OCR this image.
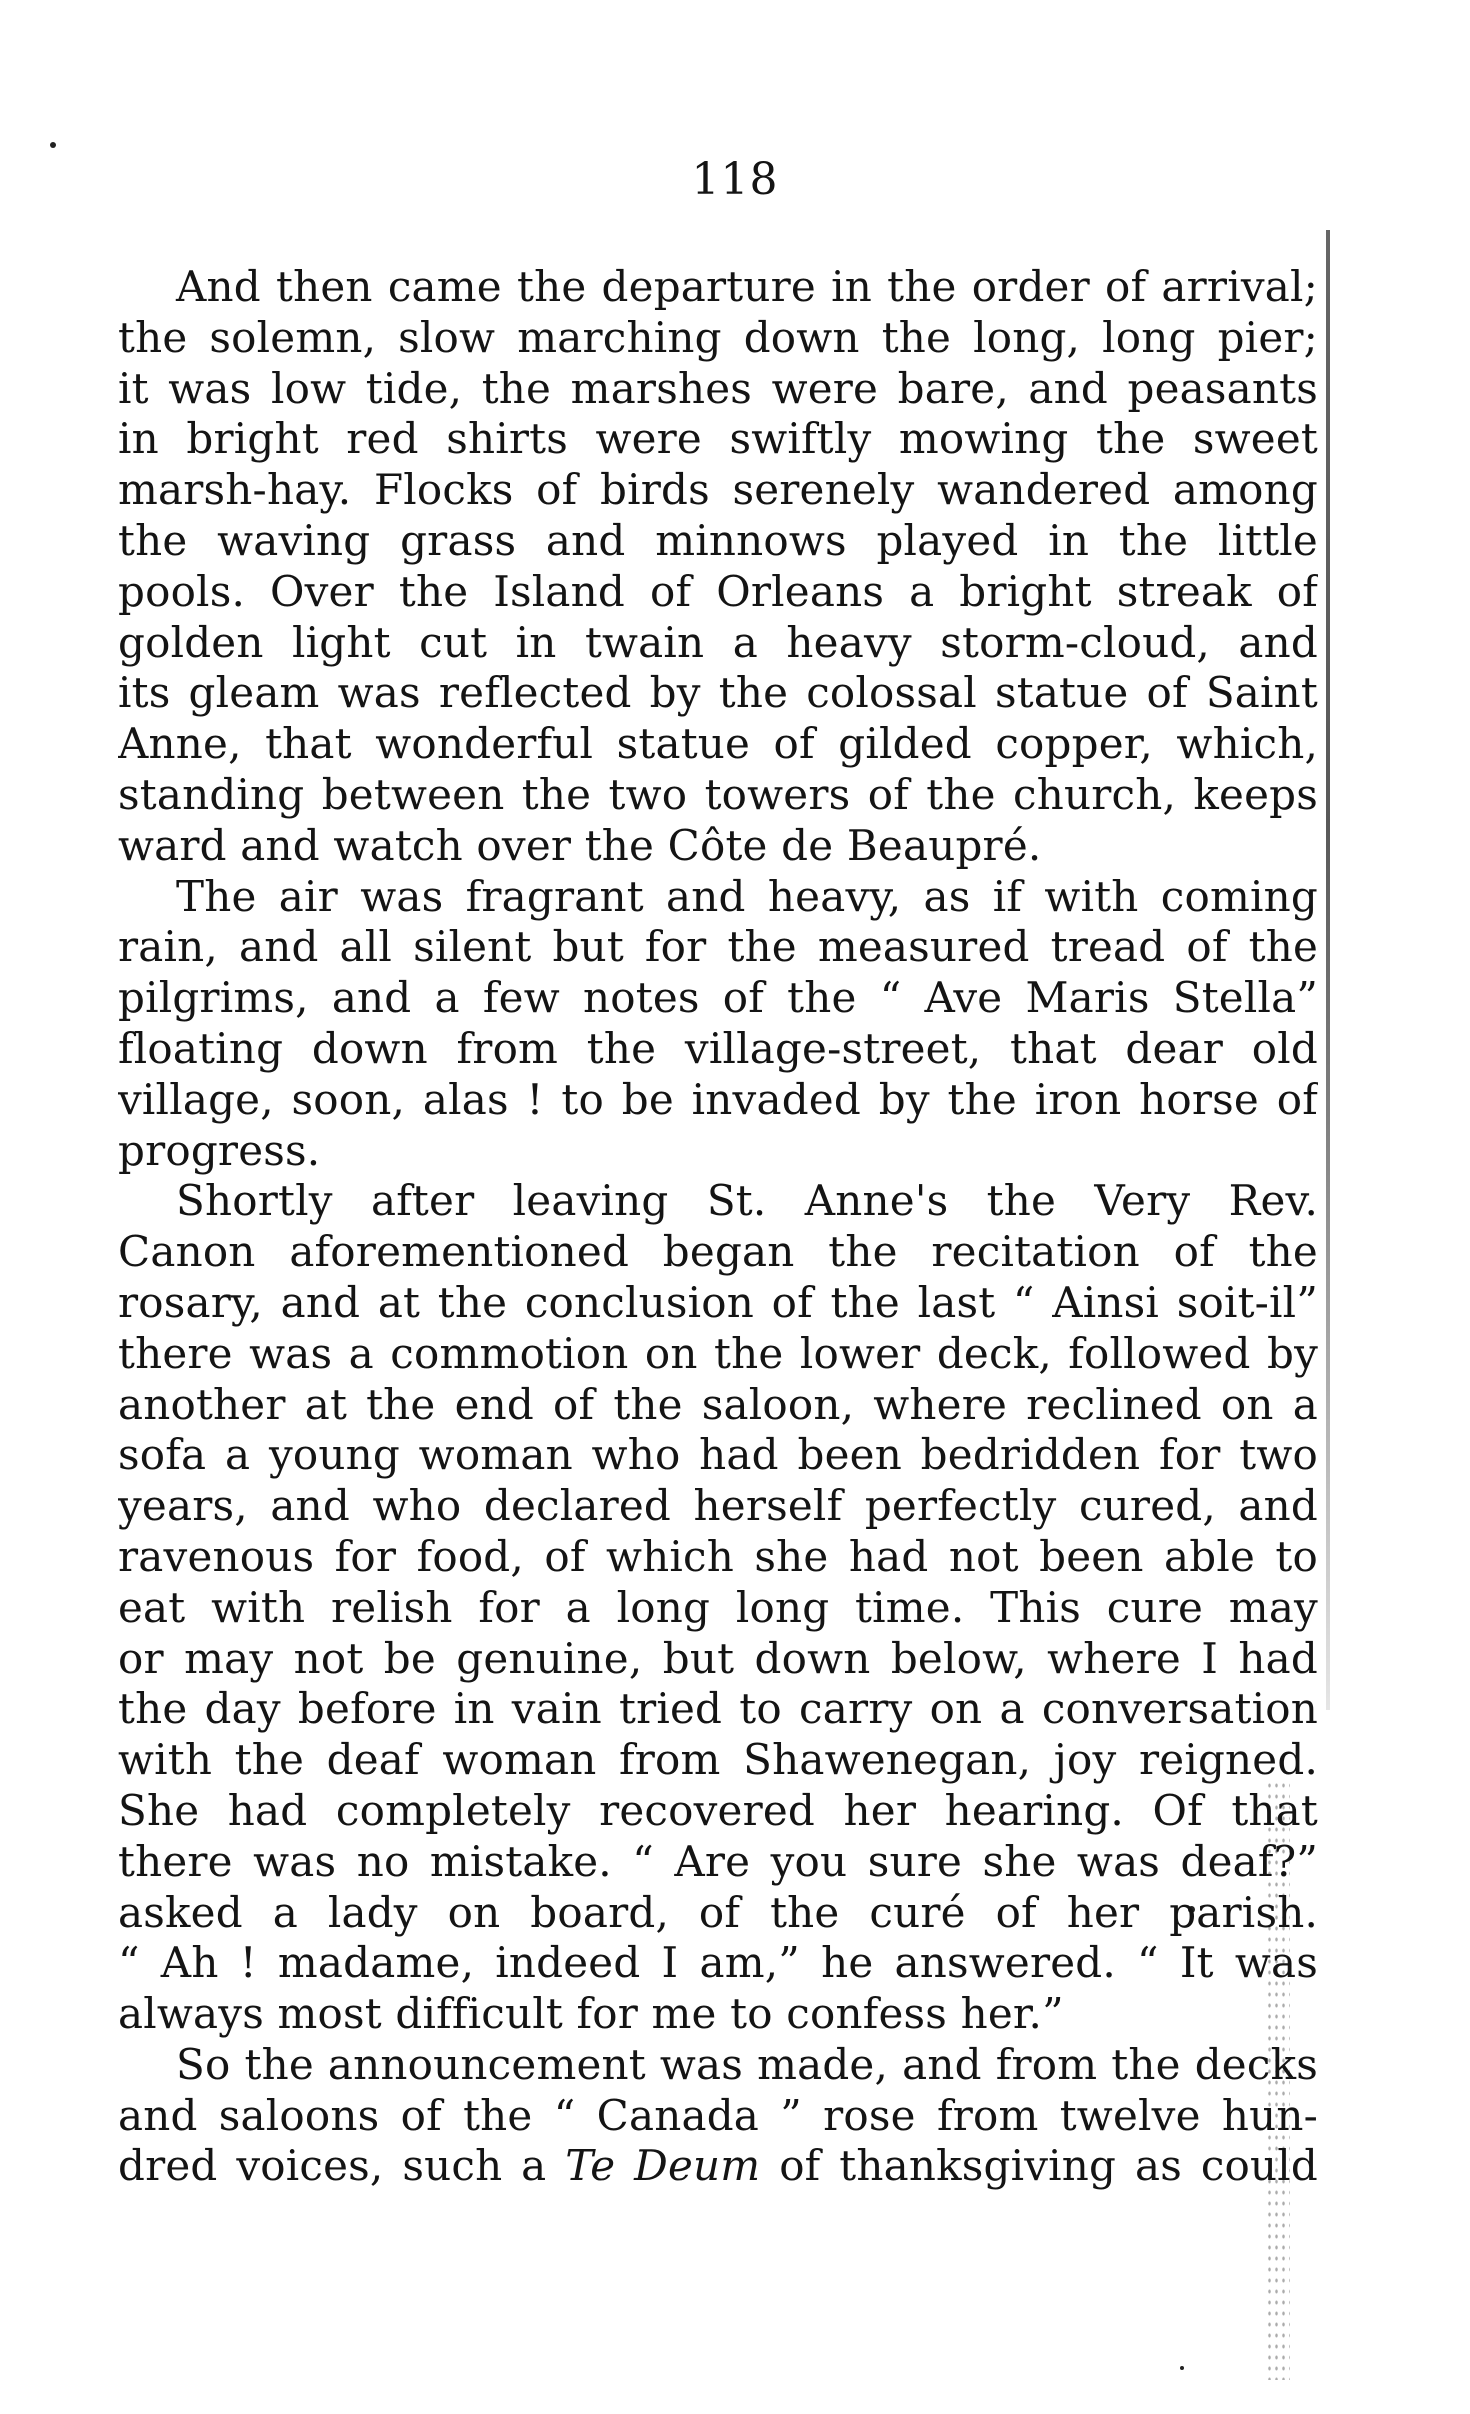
118
And then came the departure in the order of arrival;
the solemn, slow marching down the long, long pier;
it was low tide, the marshes were bare, and peasants
in bright red shirts were swiftly mowing the sweet
marsh-hay. Flocks of birds serenely wandered among
the waving grass and minnows played in the little
pools. Over the Island of Orleans a bright streak of
golden light cut in twain a heavy storm-cloud, and
its gleam was reflected by the colossal statue of Saint
Anne, that wonderful statue of gilded copper, which,
standing between the two towers of the church, keeps
ward and watch over the Côte de Beaupré.
The air was fragrant and heavy, as if with coming
rain, and all silent but for the measured tread of the
pilgrims, and a few notes of the “ Ave Maris Stella”
floating down from the village-street, that dear old
village, soon, alas ! to be invaded by the iron horse of
progress.
Shortly after leaving St. Anne's the Very Rev.
Canon aforementioned began the recitation of the
rosary, and at the conclusion of the last “ Ainsi soit-il”
there was a commotion on the lower deck, followed by
another at the end of the saloon, where reclined on a
sofa a young woman who had been bedridden for two
years, and who declared herself perfectly cured, and
ravenous for food, of which she had not been able to
eat with relish for a long long time. This cure may
or may not be genuine, but down below, where I had
the day before in vain tried to carry on a conversation
with the deaf woman from Shawenegan, joy reigned.
She had completely recovered her hearing. Of that
there was no mistake. “ Are you sure she was deaf?”
asked a lady on board, of the curé of her parish.
“ Ah ! madame, indeed I am,” he answered. “ It was
always most difficult for me to confess her.”
So the announcement was made, and from the decks
and saloons of the “ Canada ” rose from twelve hun-
dred voices, such a Te Deum of thanksgiving as could
